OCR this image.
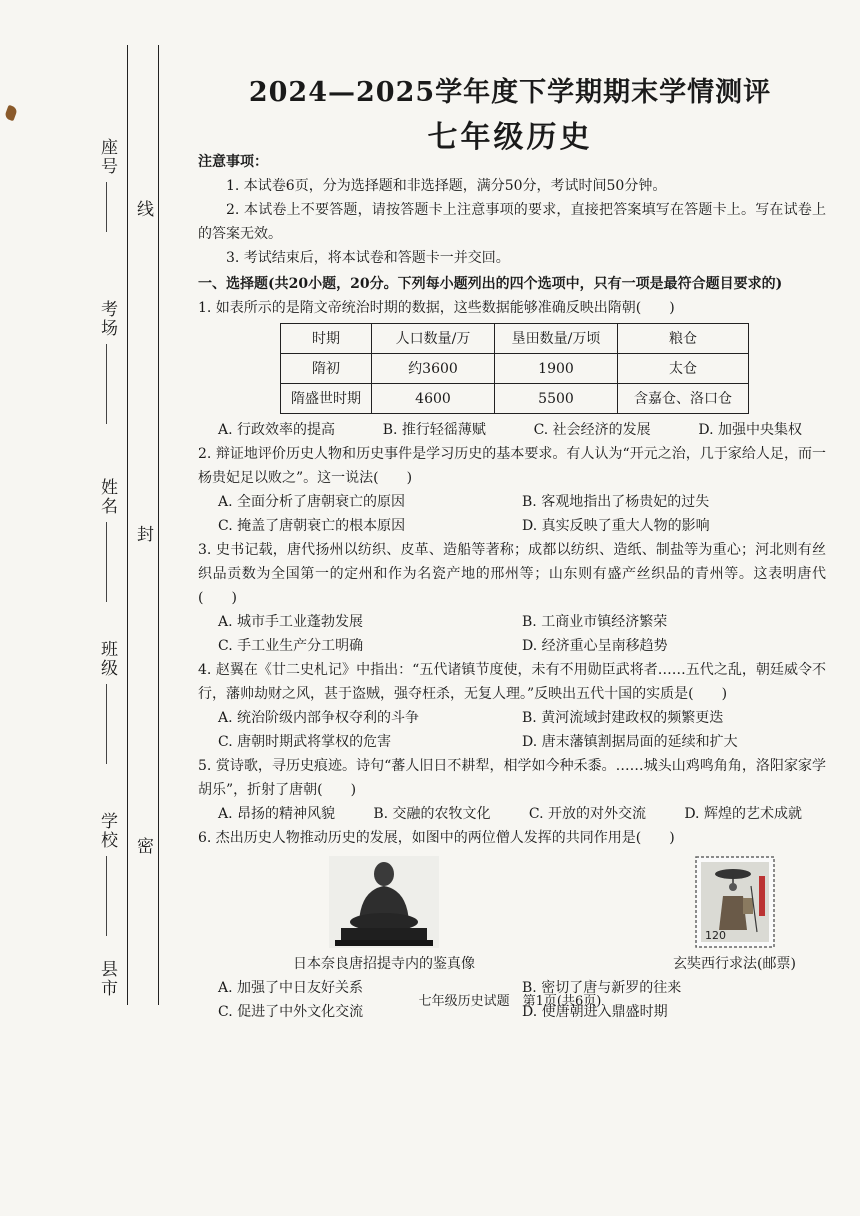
座号
考场
姓名
班级
学校
县市
线
封
密
2024—2025学年度下学期期末学情测评
七年级历史
注意事项：
1. 本试卷6页，分为选择题和非选择题，满分50分，考试时间50分钟。
2. 本试卷上不要答题，请按答题卡上注意事项的要求，直接把答案填写在答题卡上。写在试卷上的答案无效。
3. 考试结束后，将本试卷和答题卡一并交回。
一、选择题(共20小题，20分。下列每小题列出的四个选项中，只有一项是最符合题目要求的)
1. 如表所示的是隋文帝统治时期的数据，这些数据能够准确反映出隋朝(　　)
时期	人口数量/万	垦田数量/万顷	粮仓
隋初	约3600	1900	太仓
隋盛世时期	4600	5500	含嘉仓、洛口仓
A. 行政效率的提高	B. 推行轻徭薄赋	C. 社会经济的发展	D. 加强中央集权
2. 辩证地评价历史人物和历史事件是学习历史的基本要求。有人认为“开元之治，几于家给人足，而一杨贵妃足以败之”。这一说法(　　)
A. 全面分析了唐朝衰亡的原因	B. 客观地指出了杨贵妃的过失
C. 掩盖了唐朝衰亡的根本原因	D. 真实反映了重大人物的影响
3. 史书记载，唐代扬州以纺织、皮革、造船等著称；成都以纺织、造纸、制盐等为重心；河北则有丝织品贡数为全国第一的定州和作为名瓷产地的邢州等；山东则有盛产丝织品的青州等。这表明唐代(　　)
A. 城市手工业蓬勃发展	B. 工商业市镇经济繁荣
C. 手工业生产分工明确	D. 经济重心呈南移趋势
4. 赵翼在《廿二史札记》中指出：“五代诸镇节度使，未有不用勋臣武将者……五代之乱，朝廷威令不行，藩帅劫财之风，甚于盗贼，强夺枉杀，无复人理。”反映出五代十国的实质是(　　)
A. 统治阶级内部争权夺利的斗争	B. 黄河流域封建政权的频繁更迭
C. 唐朝时期武将掌权的危害	D. 唐末藩镇割据局面的延续和扩大
5. 赏诗歌，寻历史痕迹。诗句“蕃人旧日不耕犁，相学如今种禾黍。……城头山鸡鸣角角，洛阳家家学胡乐”，折射了唐朝(　　)
A. 昂扬的精神风貌	B. 交融的农牧文化	C. 开放的对外交流	D. 辉煌的艺术成就
6. 杰出历史人物推动历史的发展，如图中的两位僧人发挥的共同作用是(　　)
日本奈良唐招提寺内的鉴真像
120
玄奘西行求法(邮票)
A. 加强了中日友好关系	B. 密切了唐与新罗的往来
C. 促进了中外文化交流	D. 使唐朝进入鼎盛时期
七年级历史试题　第1页(共6页)
